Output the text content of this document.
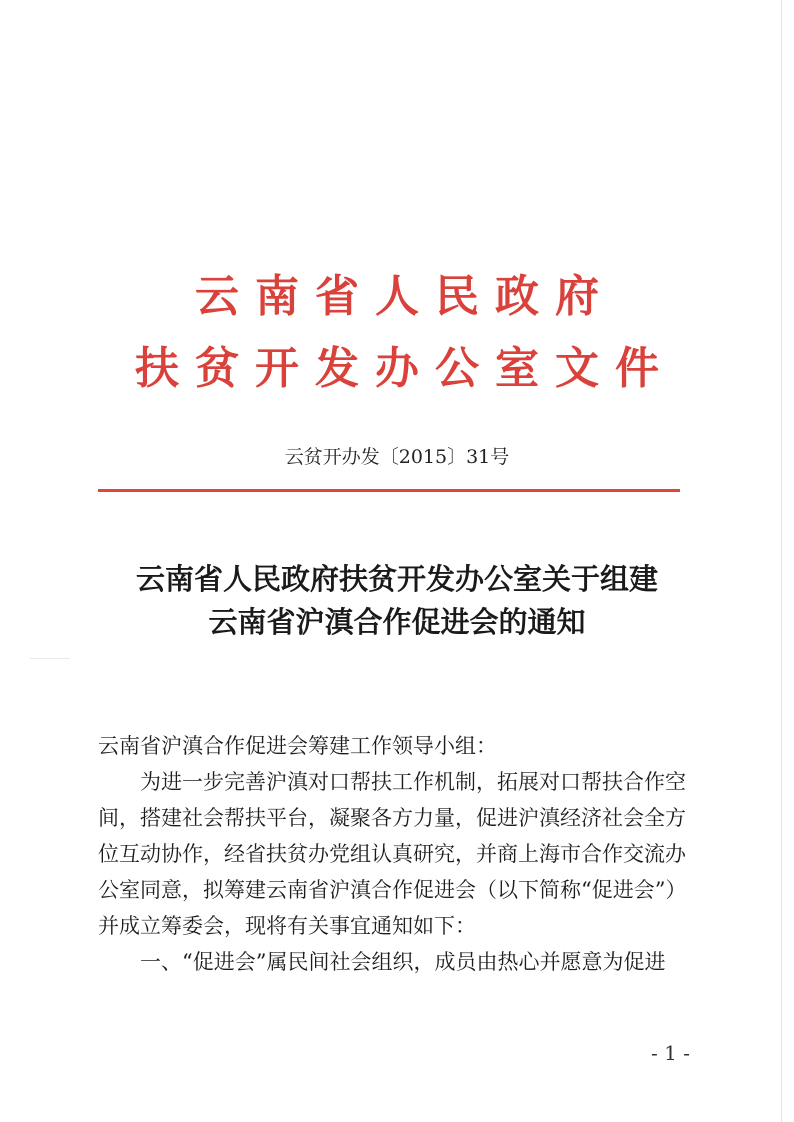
云南省人民政府
扶贫开发办公室文件
云贫开办发〔2015〕31号
云南省人民政府扶贫开发办公室关于组建
云南省沪滇合作促进会的通知
云南省沪滇合作促进会筹建工作领导小组：
为进一步完善沪滇对口帮扶工作机制，拓展对口帮扶合作空
间，搭建社会帮扶平台，凝聚各方力量，促进沪滇经济社会全方
位互动协作，经省扶贫办党组认真研究，并商上海市合作交流办
公室同意，拟筹建云南省沪滇合作促进会（以下简称“促进会”）
并成立筹委会，现将有关事宜通知如下：
一、“促进会”属民间社会组织，成员由热心并愿意为促进
- 1 -
